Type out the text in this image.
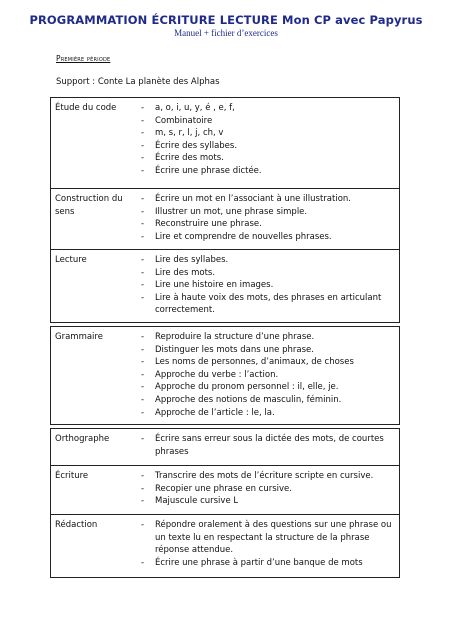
PROGRAMMATION ÉCRITURE LECTURE Mon CP avec Papyrus
Manuel + fichier d’exercices
Première période
Support : Conte La planète des Alphas
Étude du code	- a, o, i, u, y, é , e, f,
- Combinatoire
- m, s, r, l, j, ch, v
- Écrire des syllabes.
- Écrire des mots.
- Écrire une phrase dictée.
Construction du sens
- Écrire un mot en l’associant à une illustration.
- Illustrer un mot, une phrase simple.
- Reconstruire une phrase.
- Lire et comprendre de nouvelles phrases.
Lecture	- Lire des syllabes.
- Lire des mots.
- Lire une histoire en images.
- Lire à haute voix des mots, des phrases en articulant correctement.
Grammaire	- Reproduire la structure d’une phrase.
- Distinguer les mots dans une phrase.
- Les noms de personnes, d’animaux, de choses
- Approche du verbe : l’action.
- Approche du pronom personnel : il, elle, je.
- Approche des notions de masculin, féminin.
- Approche de l’article : le, la.
Orthographe	- Écrire sans erreur sous la dictée des mots, de courtes phrases
Écriture	- Transcrire des mots de l’écriture scripte en cursive.
- Recopier une phrase en cursive.
- Majuscule cursive L
Rédaction	- Répondre oralement à des questions sur une phrase ou un texte lu en respectant la structure de la phrase réponse attendue.
- Écrire une phrase à partir d’une banque de mots
